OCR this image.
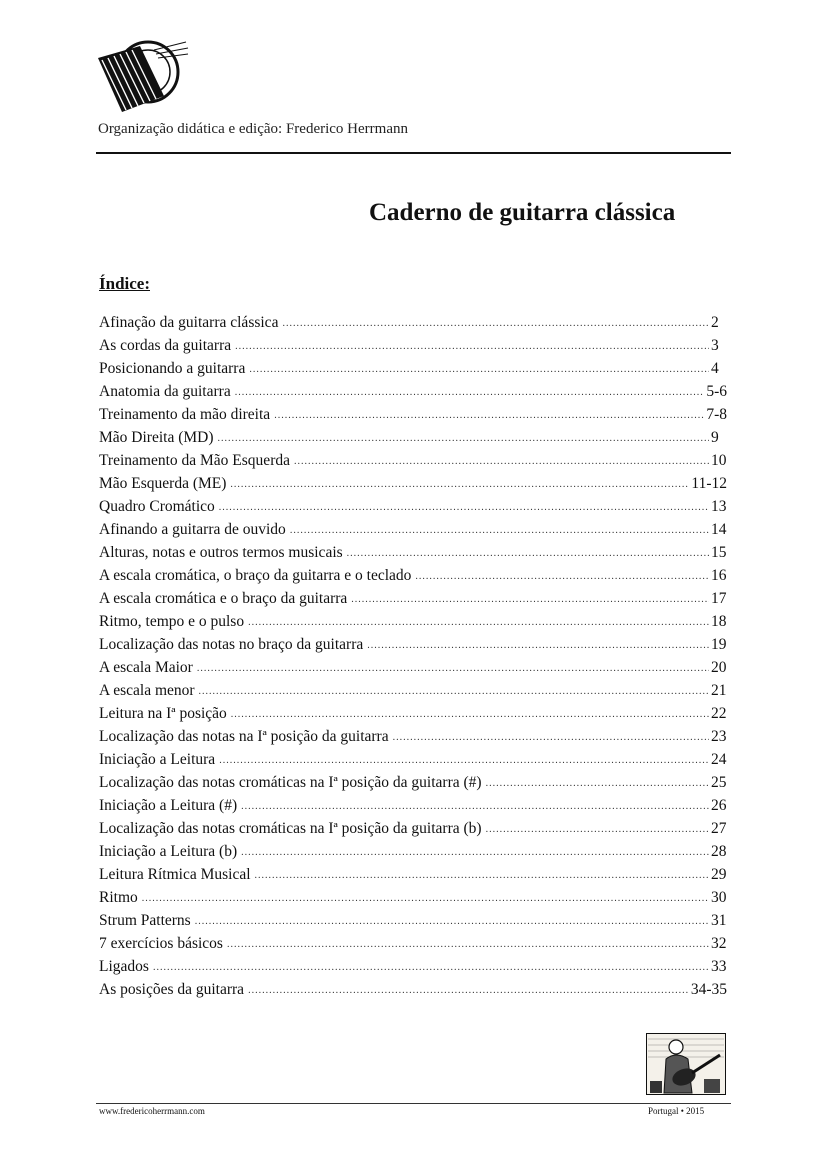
Organização didática e edição: Frederico Herrmann
Caderno de guitarra clássica
Índice:
Afinação da guitarra clássica .....	2
As cordas da guitarra .....	3
Posicionando a guitarra .....	4
Anatomia da guitarra .....	5-6
Treinamento da mão direita .....	7-8
Mão Direita (MD) .....	9
Treinamento da Mão Esquerda .....	10
Mão Esquerda (ME) .....	11-12
Quadro Cromático .....	13
Afinando a guitarra de ouvido .....	14
Alturas, notas e outros termos musicais .....	15
A escala cromática, o braço da guitarra e o teclado .....	16
A escala cromática e o braço da guitarra .....	17
Ritmo, tempo e o pulso .....	18
Localização das notas no braço da guitarra .....	19
A escala Maior .....	20
A escala menor .....	21
Leitura na Iª posição .....	22
Localização das notas na Iª posição da guitarra .....	23
Iniciação a Leitura .....	24
Localização das notas cromáticas na Iª posição da guitarra (#) .....	25
Iniciação a Leitura (#) .....	26
Localização das notas cromáticas na Iª posição da guitarra (b) .....	27
Iniciação a Leitura (b) .....	28
Leitura Rítmica Musical .....	29
Ritmo .....	30
Strum Patterns .....	31
7 exercícios básicos .....	32
Ligados .....	33
As posições da guitarra .....	34-35
www.fredericoherrmann.com	Portugal • 2015
